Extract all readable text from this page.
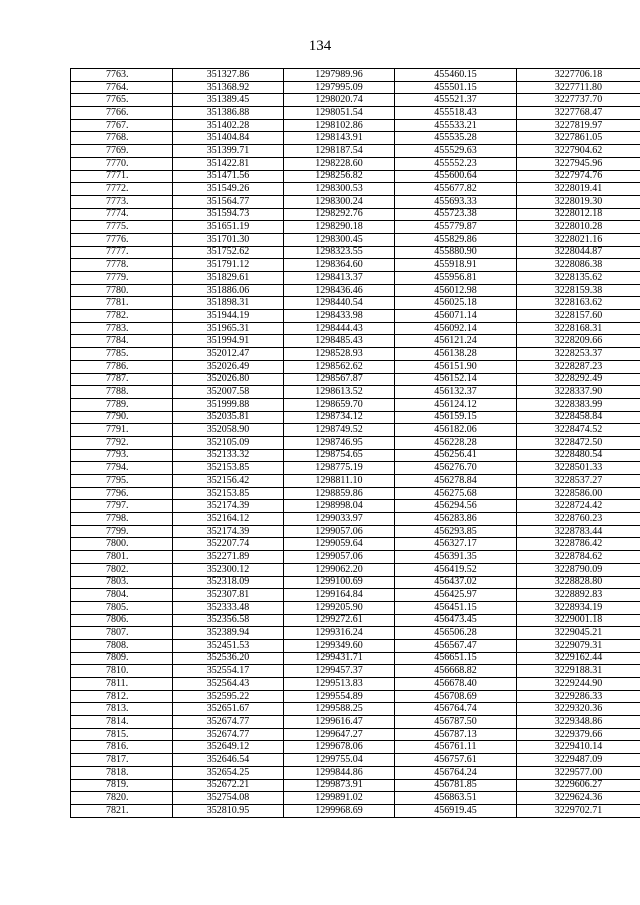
134
7763.	351327.86	1297989.96	455460.15	3227706.18
7764.	351368.92	1297995.09	455501.15	3227711.80
7765.	351389.45	1298020.74	455521.37	3227737.70
7766.	351386.88	1298051.54	455518.43	3227768.47
7767.	351402.28	1298102.86	455533.21	3227819.97
7768.	351404.84	1298143.91	455535.28	3227861.05
7769.	351399.71	1298187.54	455529.63	3227904.62
7770.	351422.81	1298228.60	455552.23	3227945.96
7771.	351471.56	1298256.82	455600.64	3227974.76
7772.	351549.26	1298300.53	455677.82	3228019.41
7773.	351564.77	1298300.24	455693.33	3228019.30
7774.	351594.73	1298292.76	455723.38	3228012.18
7775.	351651.19	1298290.18	455779.87	3228010.28
7776.	351701.30	1298300.45	455829.86	3228021.16
7777.	351752.62	1298323.55	455880.90	3228044.87
7778.	351791.12	1298364.60	455918.91	3228086.38
7779.	351829.61	1298413.37	455956.81	3228135.62
7780.	351886.06	1298436.46	456012.98	3228159.38
7781.	351898.31	1298440.54	456025.18	3228163.62
7782.	351944.19	1298433.98	456071.14	3228157.60
7783.	351965.31	1298444.43	456092.14	3228168.31
7784.	351994.91	1298485.43	456121.24	3228209.66
7785.	352012.47	1298528.93	456138.28	3228253.37
7786.	352026.49	1298562.62	456151.90	3228287.23
7787.	352026.80	1298567.87	456152.14	3228292.49
7788.	352007.58	1298613.52	456132.37	3228337.90
7789.	351999.88	1298659.70	456124.12	3228383.99
7790.	352035.81	1298734.12	456159.15	3228458.84
7791.	352058.90	1298749.52	456182.06	3228474.52
7792.	352105.09	1298746.95	456228.28	3228472.50
7793.	352133.32	1298754.65	456256.41	3228480.54
7794.	352153.85	1298775.19	456276.70	3228501.33
7795.	352156.42	1298811.10	456278.84	3228537.27
7796.	352153.85	1298859.86	456275.68	3228586.00
7797.	352174.39	1298998.04	456294.56	3228724.42
7798.	352164.12	1299033.97	456283.86	3228760.23
7799.	352174.39	1299057.06	456293.85	3228783.44
7800.	352207.74	1299059.64	456327.17	3228786.42
7801.	352271.89	1299057.06	456391.35	3228784.62
7802.	352300.12	1299062.20	456419.52	3228790.09
7803.	352318.09	1299100.69	456437.02	3228828.80
7804.	352307.81	1299164.84	456425.97	3228892.83
7805.	352333.48	1299205.90	456451.15	3228934.19
7806.	352356.58	1299272.61	456473.45	3229001.18
7807.	352389.94	1299316.24	456506.28	3229045.21
7808.	352451.53	1299349.60	456567.47	3229079.31
7809.	352536.20	1299431.71	456651.15	3229162.44
7810.	352554.17	1299457.37	456668.82	3229188.31
7811.	352564.43	1299513.83	456678.40	3229244.90
7812.	352595.22	1299554.89	456708.69	3229286.33
7813.	352651.67	1299588.25	456764.74	3229320.36
7814.	352674.77	1299616.47	456787.50	3229348.86
7815.	352674.77	1299647.27	456787.13	3229379.66
7816.	352649.12	1299678.06	456761.11	3229410.14
7817.	352646.54	1299755.04	456757.61	3229487.09
7818.	352654.25	1299844.86	456764.24	3229577.00
7819.	352672.21	1299873.91	456781.85	3229606.27
7820.	352754.08	1299891.02	456863.51	3229624.36
7821.	352810.95	1299968.69	456919.45	3229702.71
